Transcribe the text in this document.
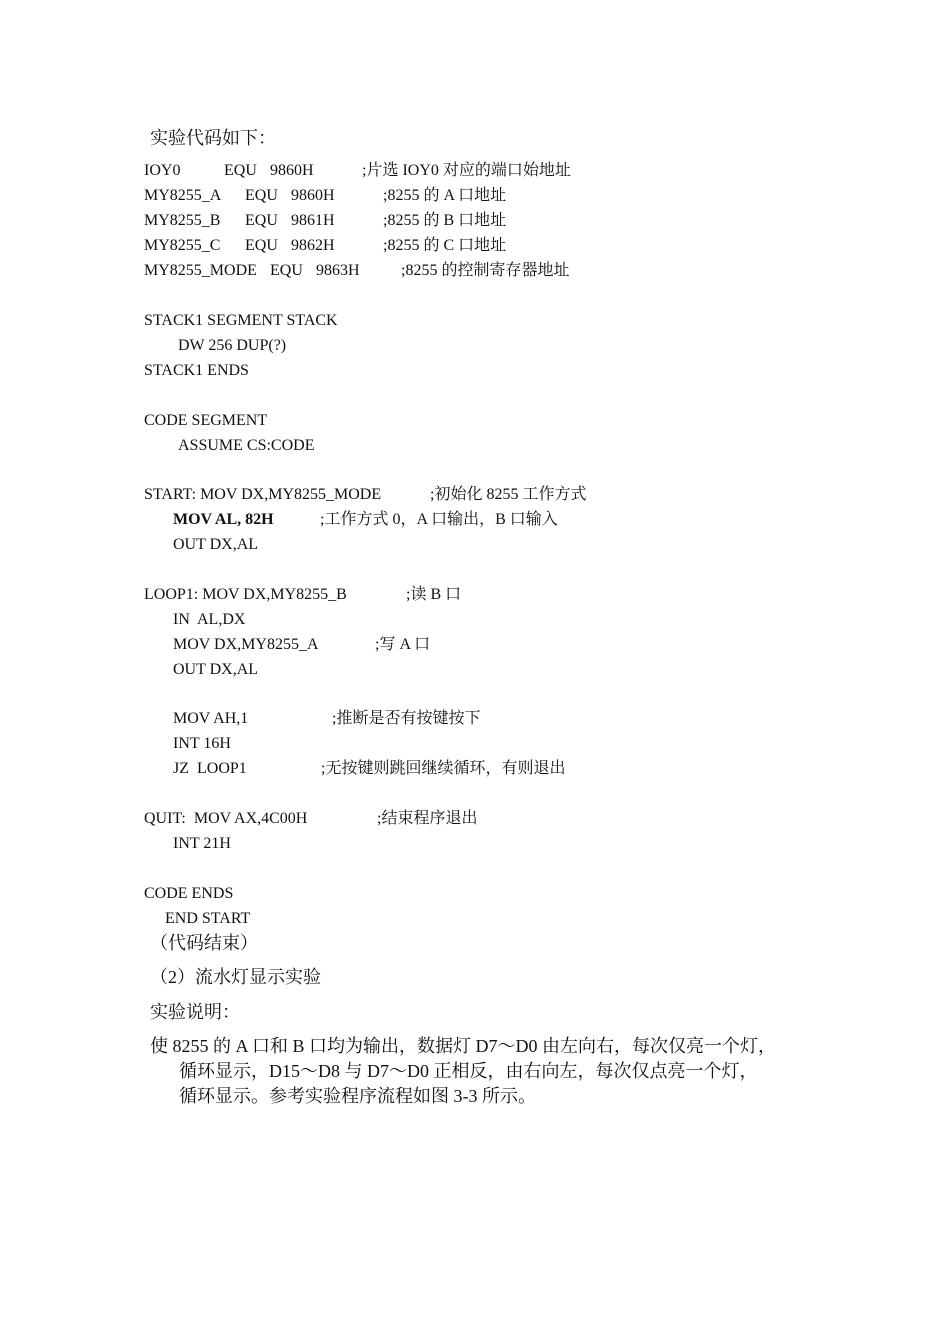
实验代码如下：
IOY0	EQU 9860H	;片选 IOY0 对应的端口始地址
MY8255_A EQU 9860H	;8255 的 A 口地址
MY8255_B EQU 9861H	;8255 的 B 口地址
MY8255_C EQU 9862H	;8255 的 C 口地址
MY8255_MODE EQU 9863H	;8255 的控制寄存器地址
STACK1 SEGMENT STACK
DW 256 DUP(?)
STACK1 ENDS
CODE SEGMENT
ASSUME CS:CODE
START: MOV DX,MY8255_MODE	;初始化 8255 工作方式
MOV AL, 82H	;工作方式 0，A 口输出，B 口输入
OUT DX,AL
LOOP1: MOV DX,MY8255_B	;读 B 口
IN  AL,DX
MOV DX,MY8255_A	;写 A 口
OUT DX,AL
MOV AH,1	;推断是否有按键按下
INT 16H
JZ  LOOP1	;无按键则跳回继续循环，有则退出
QUIT:  MOV AX,4C00H	;结束程序退出
INT 21H
CODE ENDS
END START
（代码结束）
（2）流水灯显示实验
实验说明：
使 8255 的 A 口和 B 口均为输出，数据灯 D7～D0 由左向右，每次仅亮一个灯，
循环显示，D15～D8 与 D7～D0 正相反，由右向左，每次仅点亮一个灯，
循环显示。参考实验程序流程如图 3-3 所示。
